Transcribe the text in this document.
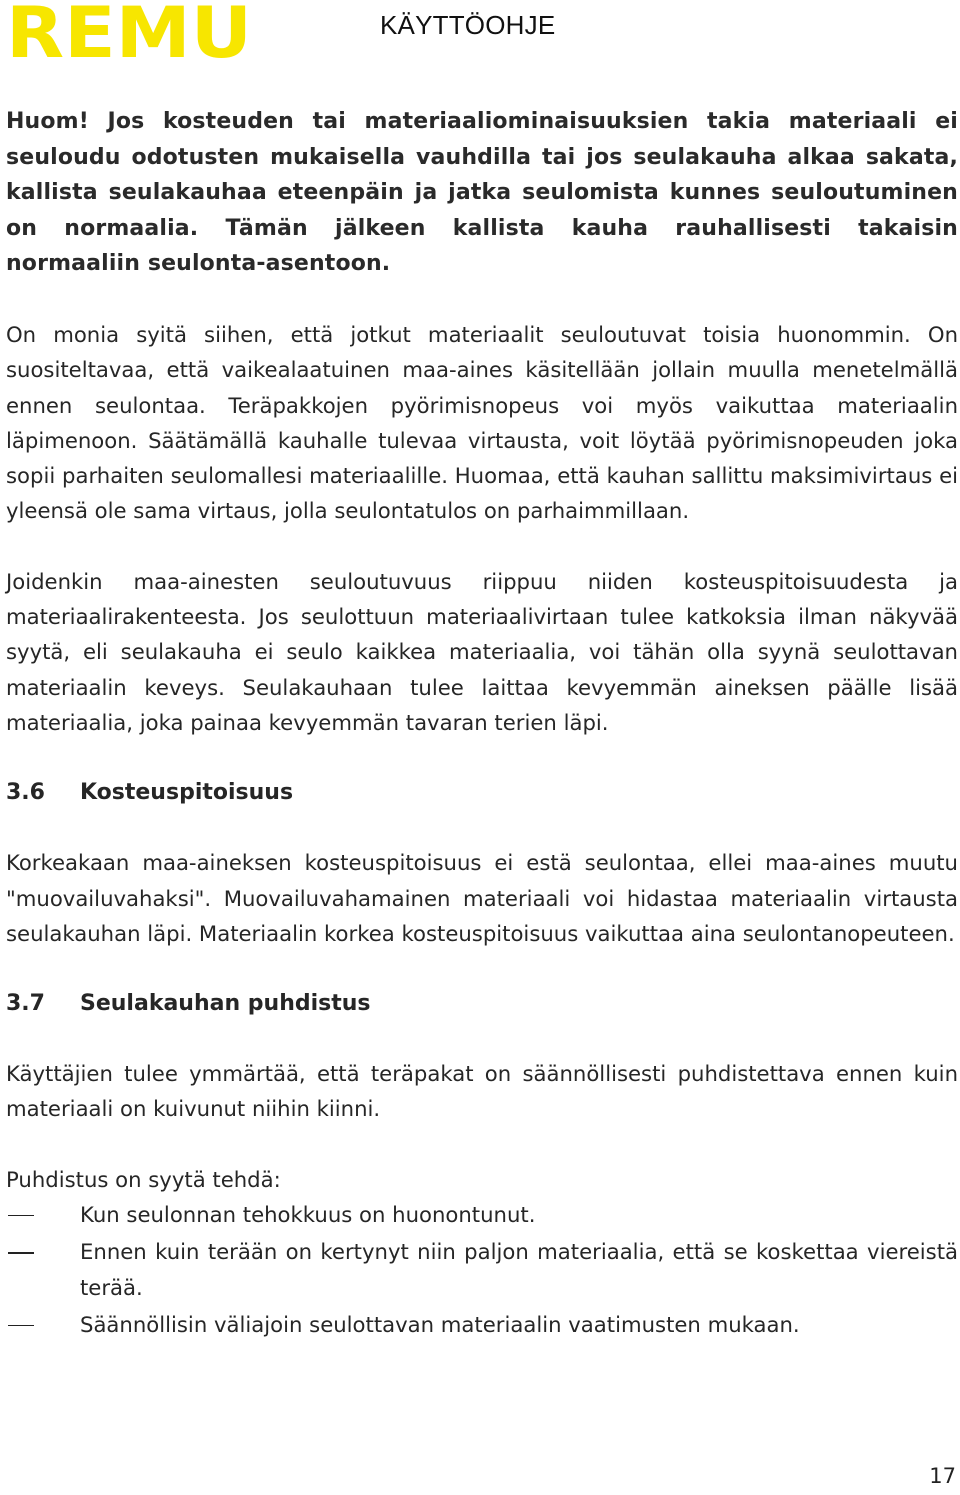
REMU	KÄYTTÖOHJE

Huom! Jos kosteuden tai materiaaliominaisuuksien takia materiaali ei seuloudu odotusten mukaisella vauhdilla tai jos seulakauha alkaa sakata, kallista seulakauhaa eteenpäin ja jatka seulomista kunnes seuloutuminen on normaalia. Tämän jälkeen kallista kauha rauhallisesti takaisin normaaliin seulonta-asentoon.

On monia syitä siihen, että jotkut materiaalit seuloutuvat toisia huonommin. On suositeltavaa, että vaikealaatuinen maa-aines käsitellään jollain muulla menetelmällä ennen seulontaa. Teräpakkojen pyörimisnopeus voi myös vaikuttaa materiaalin läpimenoon. Säätämällä kauhalle tulevaa virtausta, voit löytää pyörimisnopeuden joka sopii parhaiten seulomallesi materiaalille. Huomaa, että kauhan sallittu maksimivirtaus ei yleensä ole sama virtaus, jolla seulontatulos on parhaimmillaan.

Joidenkin maa-ainesten seuloutuvuus riippuu niiden kosteuspitoisuudesta ja materiaalirakenteesta. Jos seulottuun materiaalivirtaan tulee katkoksia ilman näkyvää syytä, eli seulakauha ei seulo kaikkea materiaalia, voi tähän olla syynä seulottavan materiaalin keveys. Seulakauhaan tulee laittaa kevyemmän aineksen päälle lisää materiaalia, joka painaa kevyemmän tavaran terien läpi.

3.6	Kosteuspitoisuus

Korkeakaan maa-aineksen kosteuspitoisuus ei estä seulontaa, ellei maa-aines muutu "muovailuvahaksi". Muovailuvahamainen materiaali voi hidastaa materiaalin virtausta seulakauhan läpi. Materiaalin korkea kosteuspitoisuus vaikuttaa aina seulontanopeuteen.

3.7	Seulakauhan puhdistus

Käyttäjien tulee ymmärtää, että teräpakat on säännöllisesti puhdistettava ennen kuin materiaali on kuivunut niihin kiinni.

Puhdistus on syytä tehdä:

Kun seulonnan tehokkuus on huonontunut.
Ennen kuin terään on kertynyt niin paljon materiaalia, että se koskettaa viereistä terää.
Säännöllisin väliajoin seulottavan materiaalin vaatimusten mukaan.
17
